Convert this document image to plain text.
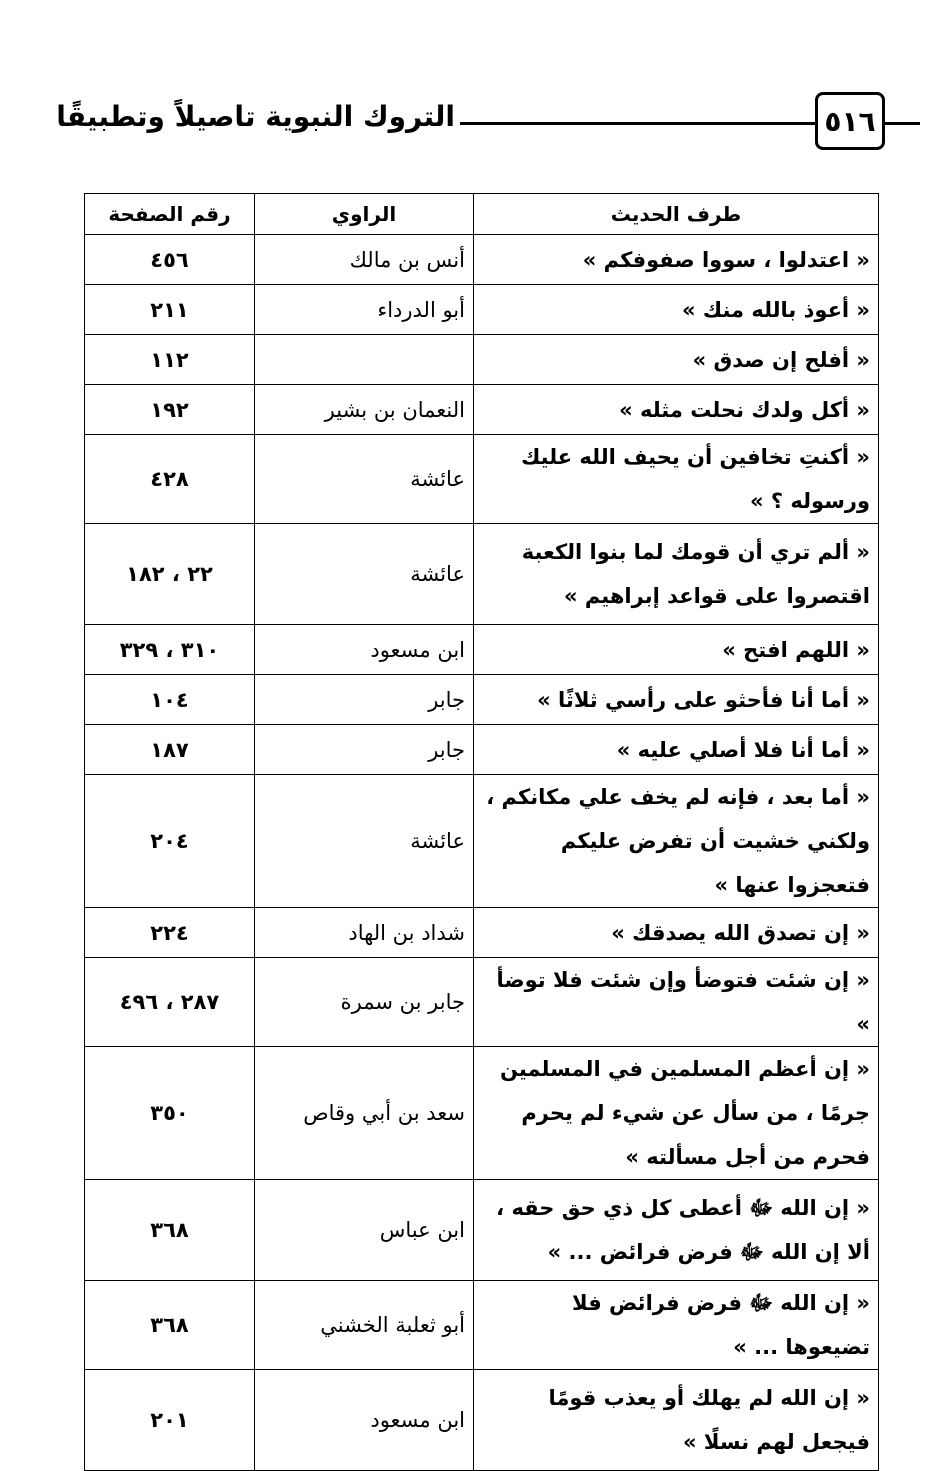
٥١٦
التروك النبوية تاصيلاً وتطبيقًا
طرف الحديث	الراوي	رقم الصفحة
« اعتدلوا ، سووا صفوفكم »	أنس بن مالك	٤٥٦
« أعوذ بالله منك »	أبو الدرداء	٢١١
« أفلح إن صدق »		١١٢
« أكل ولدك نحلت مثله »	النعمان بن بشير	١٩٢
« أكنتِ تخافين أن يحيف الله عليك ورسوله ؟ »	عائشة	٤٢٨
« ألم تري أن قومك لما بنوا الكعبة اقتصروا على قواعد إبراهيم »	عائشة	٢٢ ، ١٨٢
« اللهم افتح »	ابن مسعود	٣١٠ ، ٣٢٩
« أما أنا فأحثو على رأسي ثلاثًا »	جابر	١٠٤
« أما أنا فلا أصلي عليه »	جابر	١٨٧
« أما بعد ، فإنه لم يخف علي مكانكم ، ولكني خشيت أن تفرض عليكم فتعجزوا عنها »	عائشة	٢٠٤
« إن تصدق الله يصدقك »	شداد بن الهاد	٢٢٤
« إن شئت فتوضأ وإن شئت فلا توضأ »	جابر بن سمرة	٢٨٧ ، ٤٩٦
« إن أعظم المسلمين في المسلمين جرمًا ، من سأل عن شيء لم يحرم فحرم من أجل مسألته »	سعد بن أبي وقاص	٣٥٠
« إن الله ﷻ أعطى كل ذي حق حقه ، ألا إن الله ﷻ فرض فرائض ... »	ابن عباس	٣٦٨
« إن الله ﷻ فرض فرائض فلا تضيعوها ... »	أبو ثعلبة الخشني	٣٦٨
« إن الله لم يهلك أو يعذب قومًا فيجعل لهم نسلًا »	ابن مسعود	٢٠١
